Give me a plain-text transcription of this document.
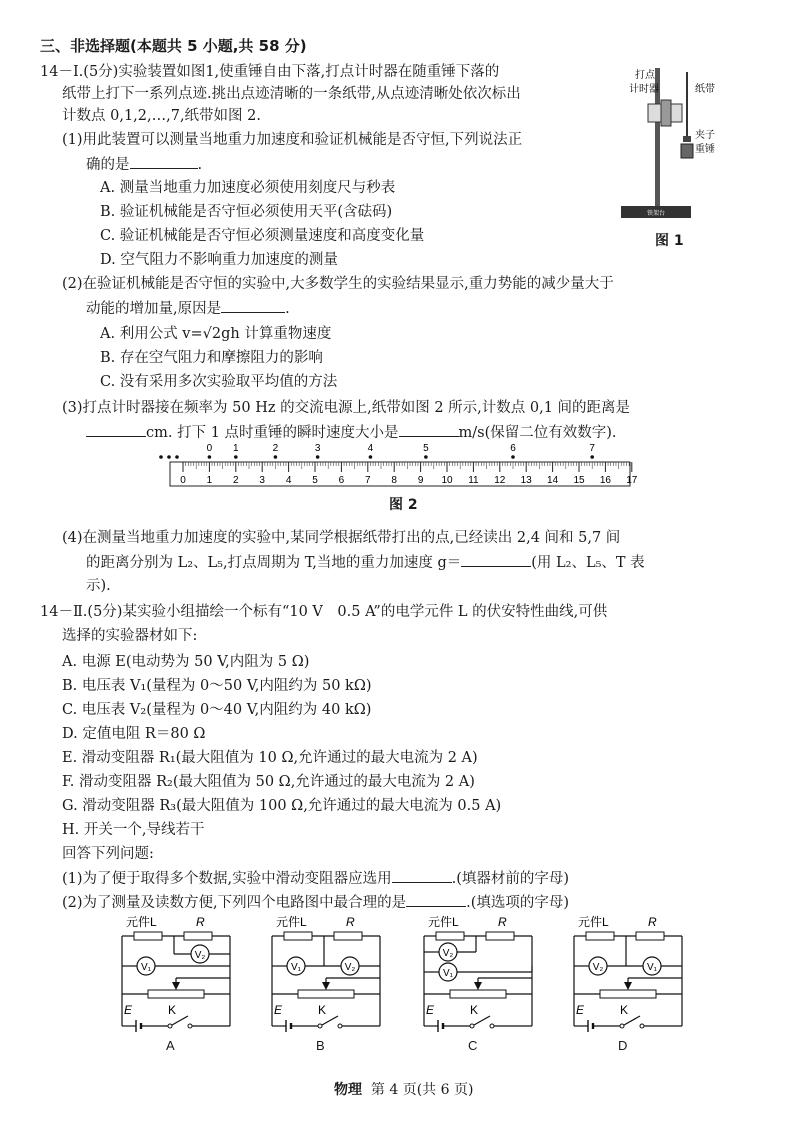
三、非选择题(本题共 5 小题,共 58 分)
14－Ⅰ.(5分)实验装置如图1,使重锤自由下落,打点计时器在随重锤下落的
纸带上打下一系列点迹.挑出点迹清晰的一条纸带,从点迹清晰处依次标出
计数点 0,1,2,…,7,纸带如图 2.
(1)用此装置可以测量当地重力加速度和验证机械能是否守恒,下列说法正
确的是	.
A. 测量当地重力加速度必须使用刻度尺与秒表
B. 验证机械能是否守恒必须使用天平(含砝码)
C. 验证机械能是否守恒必须测量速度和高度变化量
D. 空气阻力不影响重力加速度的测量
铁架台
打点
计时器	纸带
夹子
重锤
图 1
(2)在验证机械能是否守恒的实验中,大多数学生的实验结果显示,重力势能的减少量大于
动能的增加量,原因是	.
A. 利用公式 v=√2gh 计算重物速度
B. 存在空气阻力和摩擦阻力的影响
C. 没有采用多次实验取平均值的方法
(3)打点计时器接在频率为 50 Hz 的交流电源上,纸带如图 2 所示,计数点 0,1 间的距离是
cm. 打下 1 点时重锤的瞬时速度大小是	m/s(保留二位有效数字).
0 1 2 3 4 5 6 7 8 9 10 11 12 13 14 15 16 17
0 1	2	3	4	5	6	7
图 2
(4)在测量当地重力加速度的实验中,某同学根据纸带打出的点,已经读出 2,4 间和 5,7 间
的距离分别为 L₂、L₅,打点周期为 T,当地的重力加速度 g＝	(用 L₂、L₅、T 表
示).
14－Ⅱ.(5分)某实验小组描绘一个标有“10 V　0.5 A”的电学元件 L 的伏安特性曲线,可供
选择的实验器材如下:
A. 电源 E(电动势为 50 V,内阻为 5 Ω)
B. 电压表 V₁(量程为 0～50 V,内阻约为 50 kΩ)
C. 电压表 V₂(量程为 0～40 V,内阻约为 40 kΩ)
D. 定值电阻 R＝80 Ω
E. 滑动变阻器 R₁(最大阻值为 10 Ω,允许通过的最大电流为 2 A)
F. 滑动变阻器 R₂(最大阻值为 50 Ω,允许通过的最大电流为 2 A)
G. 滑动变阻器 R₃(最大阻值为 100 Ω,允许通过的最大电流为 0.5 A)
H. 开关一个,导线若干
回答下列问题:
(1)为了便于取得多个数据,实验中滑动变阻器应选用	.(填器材前的字母)
(2)为了测量及读数方便,下列四个电路图中最合理的是	.(填选项的字母)
元件L	R
V₁
V₂
E	K
A
元件L	R
V₁	V₂
E	K
B
元件L	R
V₂
V₁
E	K
C
元件L	R
V₂	V₁
E	K
D
物理 第 4 页(共 6 页)
